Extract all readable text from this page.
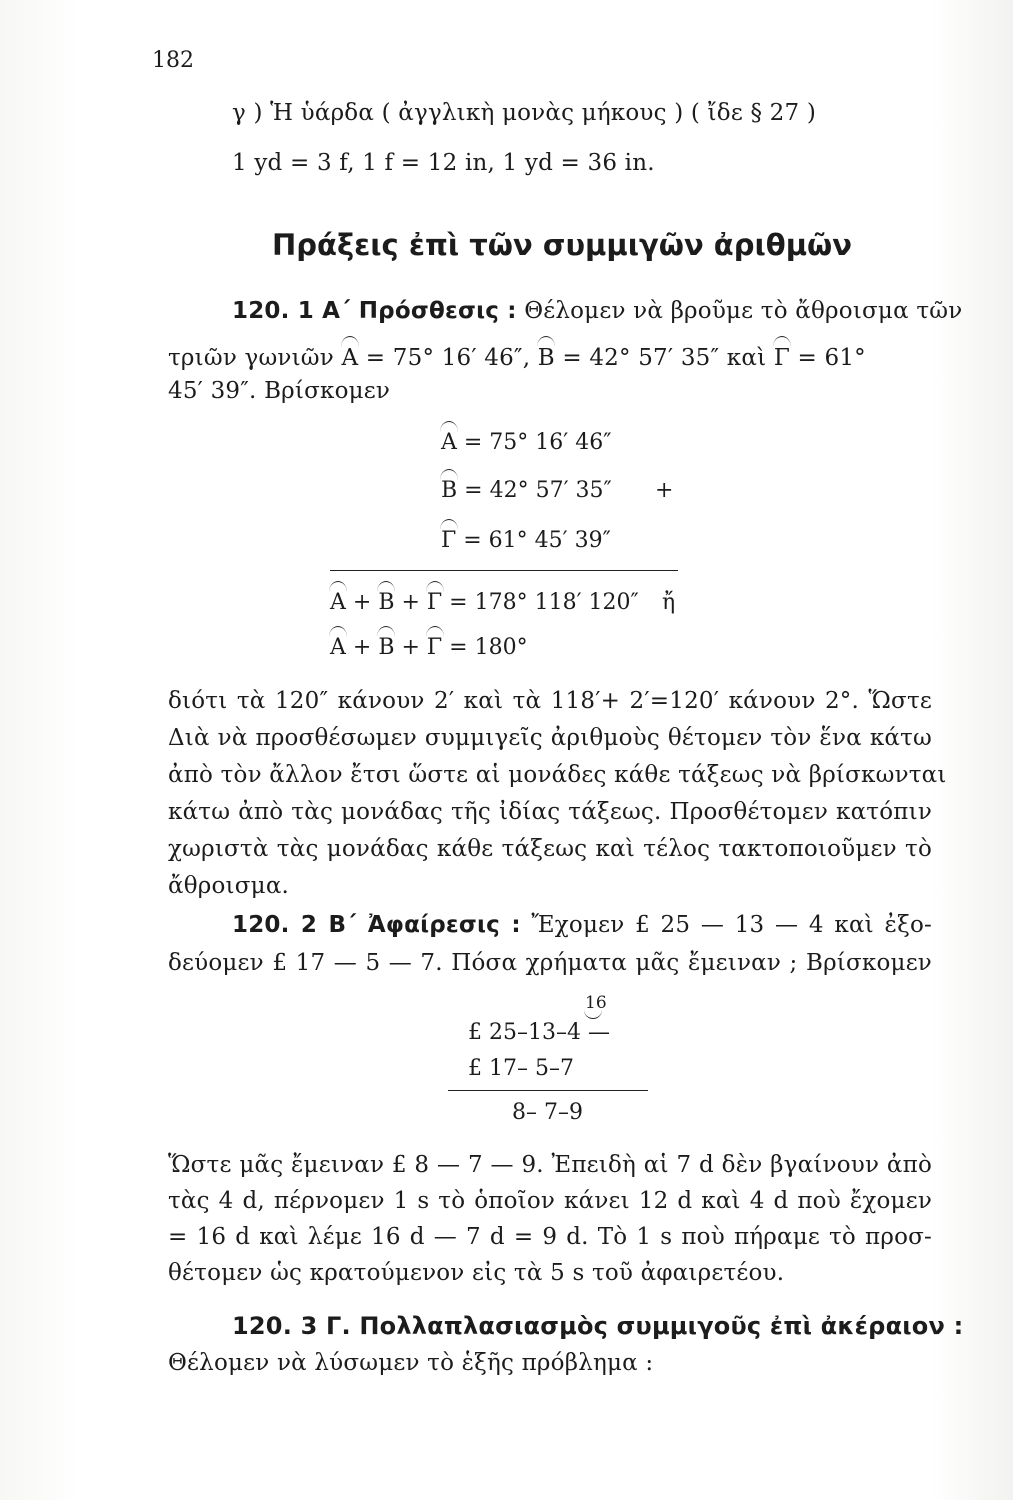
182
γ ) Ἡ ὑάρδα ( ἀγγλικὴ μονὰς μήκους ) ( ἴδε § 27 )
1 yd = 3 f, 1 f = 12 in, 1 yd = 36 in.
Πράξεις ἐπὶ τῶν συμμιγῶν ἀριθμῶν
120. 1 Α΄ Πρόσθεσις : Θέλομεν νὰ βροῦμε τὸ ἄθροισμα τῶν
τριῶν γωνιῶν Α = 75° 16′ 46″, Β = 42° 57′ 35″ καὶ Γ = 61°
45′ 39″. Βρίσκομεν
Α = 75° 16′ 46″
Β = 42° 57′ 35″ +
Γ = 61° 45′ 39″
Α + Β + Γ = 178° 118′ 120″ ἤ
Α + Β + Γ = 180°
διότι τὰ 120″ κάνουν 2′ καὶ τὰ 118′+ 2′=120′ κάνουν 2°. Ὥστε
Διὰ νὰ προσθέσωμεν συμμιγεῖς ἀριθμοὺς θέτομεν τὸν ἕνα κάτω
ἀπὸ τὸν ἄλλον ἔτσι ὥστε αἱ μονάδες κάθε τάξεως νὰ βρίσκωνται
κάτω ἀπὸ τὰς μονάδας τῆς ἰδίας τάξεως. Προσθέτομεν κατόπιν
χωριστὰ τὰς μονάδας κάθε τάξεως καὶ τέλος τακτοποιοῦμεν τὸ
ἄθροισμα.
120. 2 Β΄ Ἀφαίρεσις : Ἔχομεν £ 25 — 13 — 4 καὶ ἐξο-
δεύομεν £ 17 — 5 — 7. Πόσα χρήματα μᾶς ἔμειναν ; Βρίσκομεν
16
£ 25–13–4 —
£ 17– 5–7
8– 7–9
Ὥστε μᾶς ἔμειναν £ 8 — 7 — 9. Ἐπειδὴ αἱ 7 d δὲν βγαίνουν ἀπὸ
τὰς 4 d, πέρνομεν 1 s τὸ ὁποῖον κάνει 12 d καὶ 4 d ποὺ ἔχομεν
= 16 d καὶ λέμε 16 d — 7 d = 9 d. Τὸ 1 s ποὺ πήραμε τὸ προσ-
θέτομεν ὡς κρατούμενον εἰς τὰ 5 s τοῦ ἀφαιρετέου.
120. 3 Γ. Πολλαπλασιασμὸς συμμιγοῦς ἐπὶ ἀκέραιον :
Θέλομεν νὰ λύσωμεν τὸ ἑξῆς πρόβλημα :
